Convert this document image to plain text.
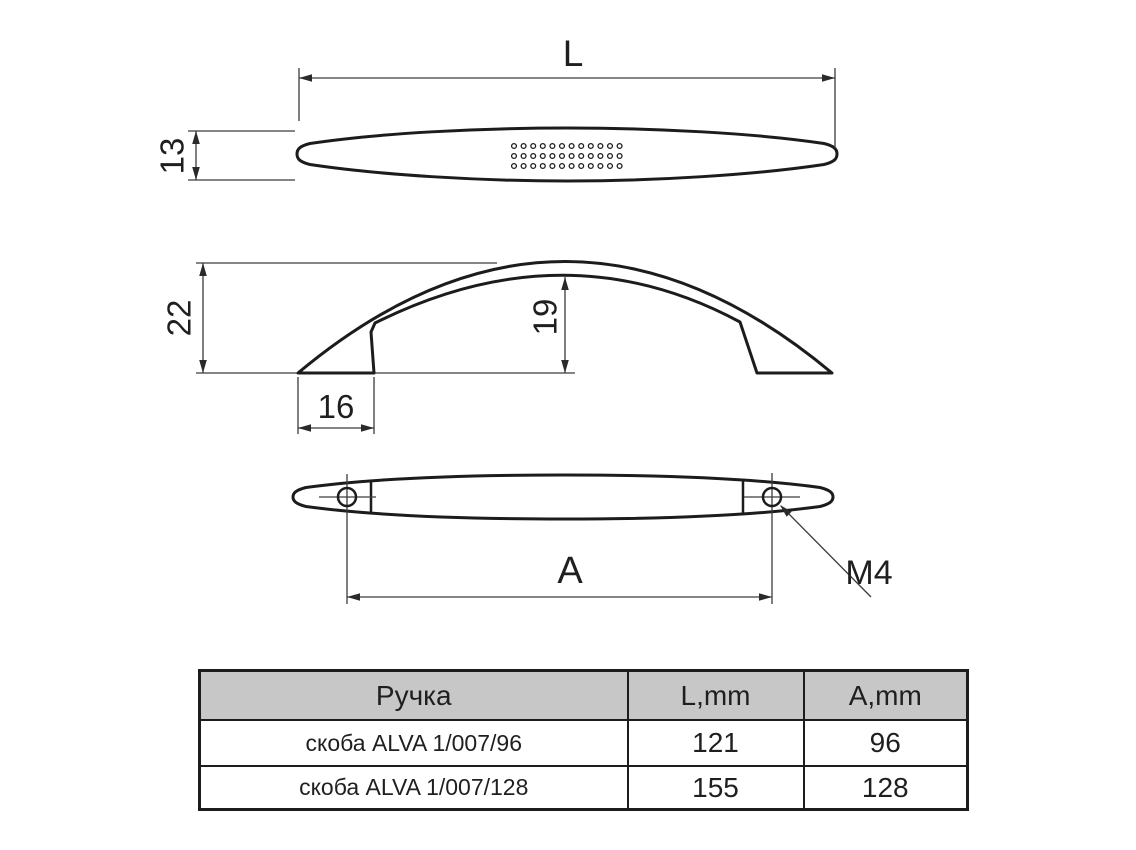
L
13
22	19
16
A	M4
Ручка	L,mm	A,mm
скоба ALVA 1/007/96	121	96
скоба ALVA 1/007/128	155	128
